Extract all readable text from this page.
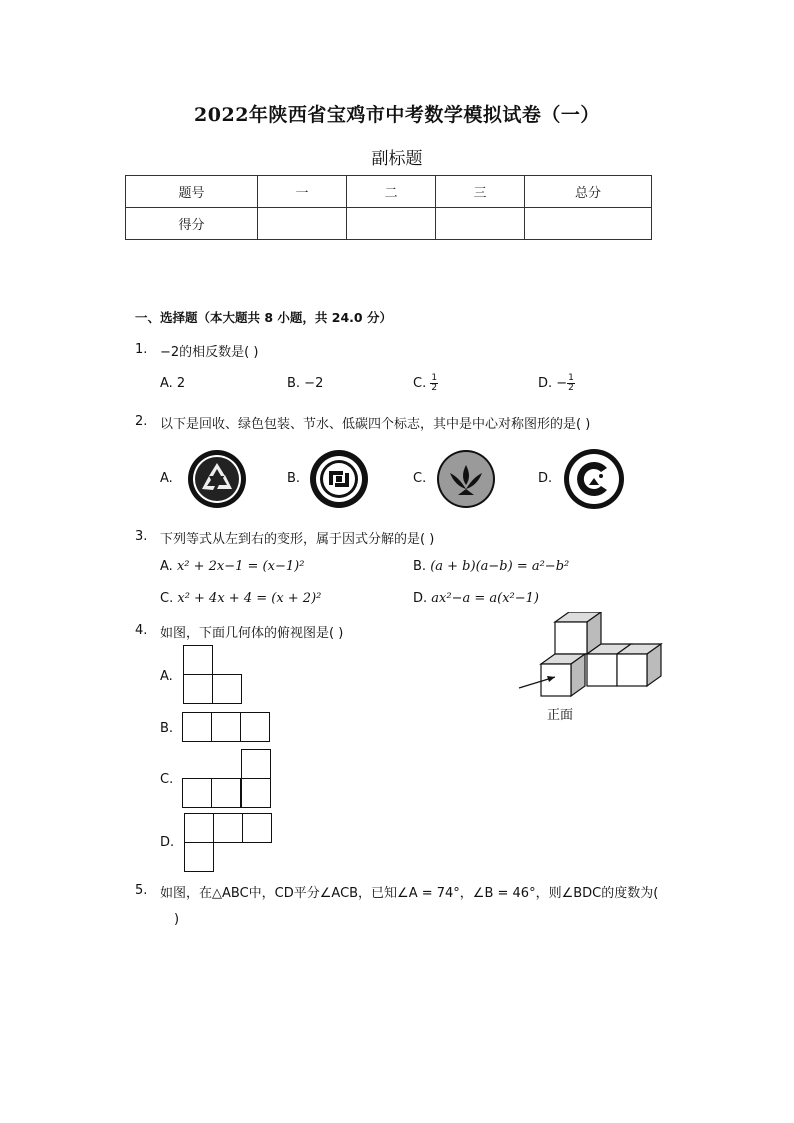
2022年陕西省宝鸡市中考数学模拟试卷（一）
副标题
题号	一	二	三	总分
得分				
一、选择题（本大题共 8 小题，共 24.0 分）
1. −2的相反数是( )
A. 2	B. −2	C. $\frac{1}{2}$	D. − $\frac{1}{2}$
2. 以下是回收、绿色包装、节水、低碳四个标志，其中是中心对称图形的是( )
A.	B.	C.	D.
3. 下列等式从左到右的变形，属于因式分解的是( )
A. x² + 2x−1 = (x−1)²	B. (a + b)(a−b) = a²−b²
C. x² + 4x + 4 = (x + 2)²	D. ax²−a = a(x²−1)
4. 如图，下面几何体的俯视图是( )
正面
A.
B.
C.
D.
5. 如图，在△ABC中，CD平分∠ACB，已知∠A = 74°，∠B = 46°，则∠BDC的度数为(
)
